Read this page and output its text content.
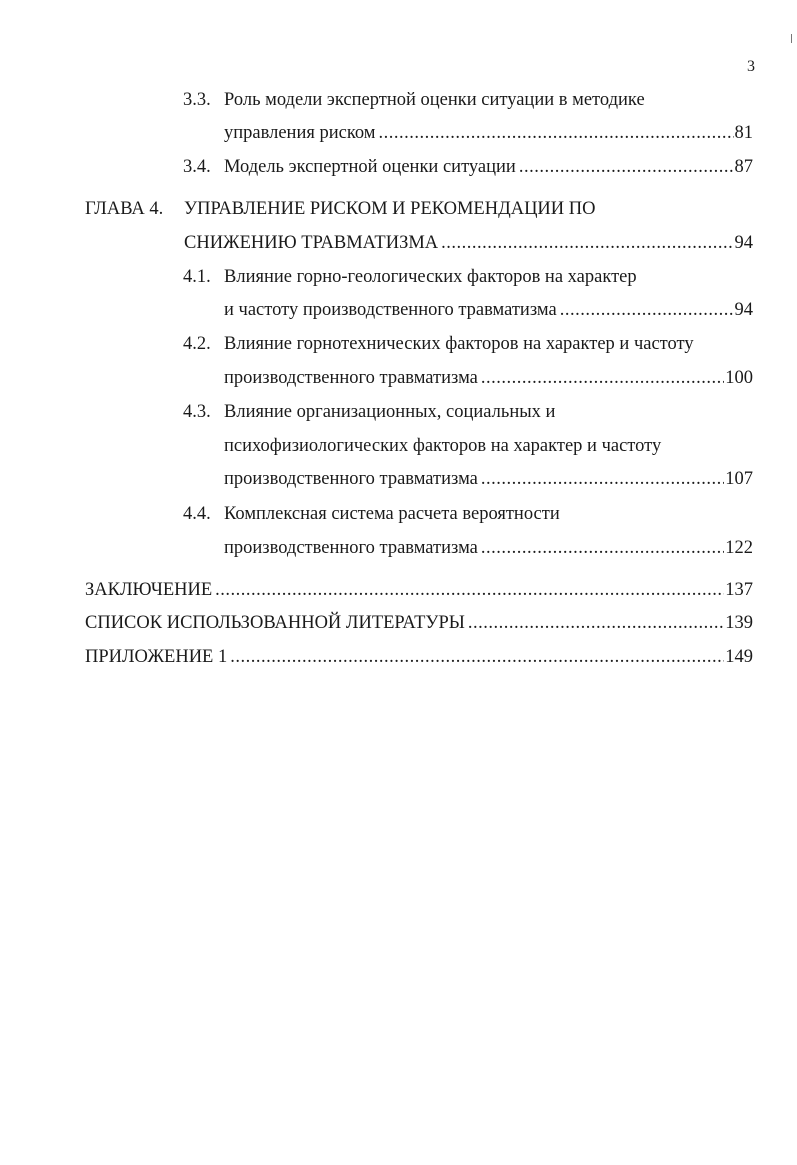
3
3.3. Роль модели экспертной оценки ситуации в методике
управления риском .....	81
3.4. Модель экспертной оценки ситуации .....	87
ГЛАВА 4. УПРАВЛЕНИЕ РИСКОМ И РЕКОМЕНДАЦИИ ПО
СНИЖЕНИЮ ТРАВМАТИЗМА .....	94
4.1. Влияние горно-геологических факторов на характер
и частоту производственного травматизма .....	94
4.2. Влияние горнотехнических факторов на характер и частоту
производственного травматизма .....	100
4.3. Влияние организационных, социальных и
психофизиологических факторов на характер и частоту
производственного травматизма .....	107
4.4. Комплексная система расчета вероятности
производственного травматизма .....	122
ЗАКЛЮЧЕНИЕ .....	137
СПИСОК ИСПОЛЬЗОВАННОЙ ЛИТЕРАТУРЫ .....	139
ПРИЛОЖЕНИЕ 1 .....	149
